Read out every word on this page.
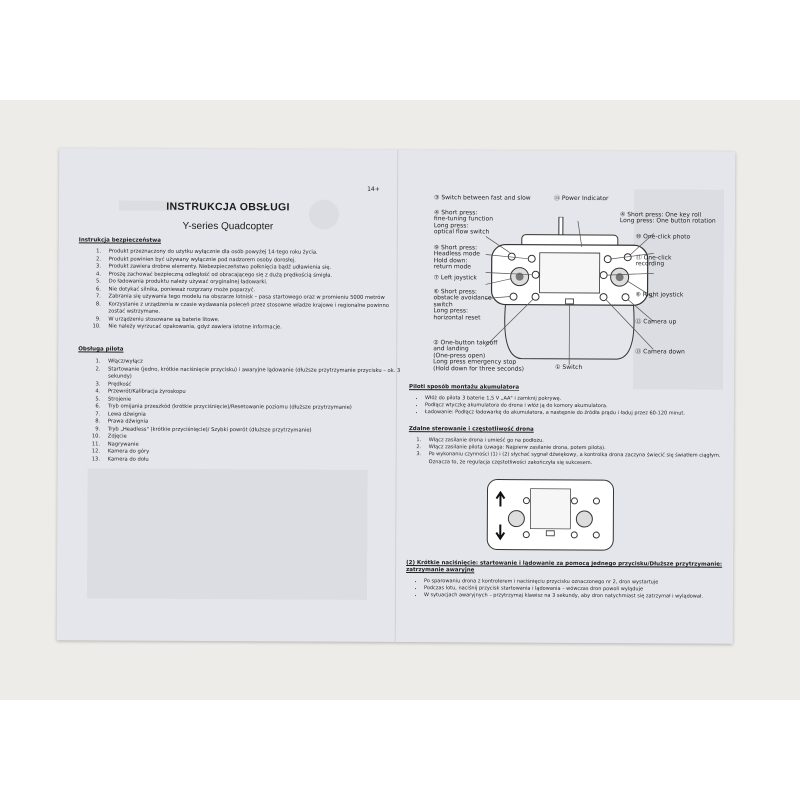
14+
INSTRUKCJA OBSŁUGI
Y-series Quadcopter
Instrukcja bezpieczeństwa
1. Produkt przeznaczony do użytku wyłącznie dla osób powyżej 14-tego roku życia.
2. Produkt powinien być używany wyłącznie pod nadzorem osoby dorosłej.
3. Produkt zawiera drobne elementy. Niebezpieczeństwo połknięcia bądź udławienia się.
4. Proszę zachować bezpieczną odległość od obracającego się z dużą prędkością śmigła.
5. Do ładowania produktu należy używać oryginalnej ładowarki.
6. Nie dotykać silnika, ponieważ rozgrzany może poparzyć.
7. Zabrania się używania tego modelu na obszarze lotnisk – pasa startowego oraz w promieniu 5000 metrów
8. Korzystanie z urządzenia w czasie wydawania poleceń przez stosowne władze krajowe i regionalne powinno zostać wstrzymane.
9. W urządzeniu stosowane są baterie litowe.
10. Nie należy wyrzucać opakowania, gdyż zawiera istotne informacje.
Obsługa pilota
1. Włącz/wyłącz
2. Startowanie (jedno, krótkie naciśnięcie przycisku) i awaryjne lądowanie (dłuższe przytrzymanie przycisku – ok. 3 sekundy)
3. Prędkość
4. Przewrót/Kalibracja żyroskopu
5. Strojenie
6. Tryb omijania przeszkód (krótkie przyciśnięcie)/Resetowanie poziomu (dłuższe przytrzymanie)
7. Lewa dźwignia
8. Prawa dźwignia
9. Tryb „Headless" (krótkie przyciśnięcie)/ Szybki powrót (dłuższe przytrzymanie)
10. Zdjęcie
11. Nagrywanie
12. Kamera do góry
13. Kamera do dołu
③ Switch between fast and slow	⑭ Power Indicator
④ Short press:
fine-tuning function
Long press:
optical flow switch
⑨ Short press:
Headless mode
Hold down:
return mode
⑦ Left joystick
⑥ Short press:
obstacle avoidance
switch
Long press:
horizontal reset
② One-button takeoff
and landing
(One-press open)
Long press emergency stop
(Hold down for three seconds)	① Switch
④ Short press: One key roll
Long press: One button rotation
⑩ One-click photo
⑪ One-click
recording
⑧ Right joystick
⑫ Camera up
⑬ Camera down
Piloti sposób montażu akumulatora
• Włóż do pilota 3 baterie 1,5 V „AA" i zamknij pokrywę.
• Podłącz wtyczkę akumulatora do drona i włóż ją do komory akumulatora.
• Ładowanie: Podłącz ładowarkę do akumulatora, a następnie do źródła prądu i ładuj przez 60-120 minut.
Zdalne sterowanie i częstotliwość drona
1. Włącz zasilanie drona i umieść go na podłożu.
2. Włącz zasilanie pilota (uwaga: Najpierw zasilanie drona, potem pilota).
3. Po wykonaniu czynności (1) i (2) słychać sygnał dźwiękowy, a kontrolka drona zaczyna świecić się światłem ciągłym. Oznacza to, że regulacja częstotliwości zakończyła się sukcesem.
(2) Krótkie naciśnięcie: startowanie i lądowanie za pomocą jednego przycisku/Dłuższe przytrzymanie: zatrzymanie awaryjne
• Po sparowaniu drona z kontrolerem i naciśnięciu przycisku oznaczonego nr 2, dron wystartuje
• Podczas lotu, naciśnij przycisk startowania i lądowania – wówczas dron powoli wyląduje
• W sytuacjach awaryjnych – przytrzymaj klawisz na 3 sekundy, aby dron natychmiast się zatrzymał i wylądował.
